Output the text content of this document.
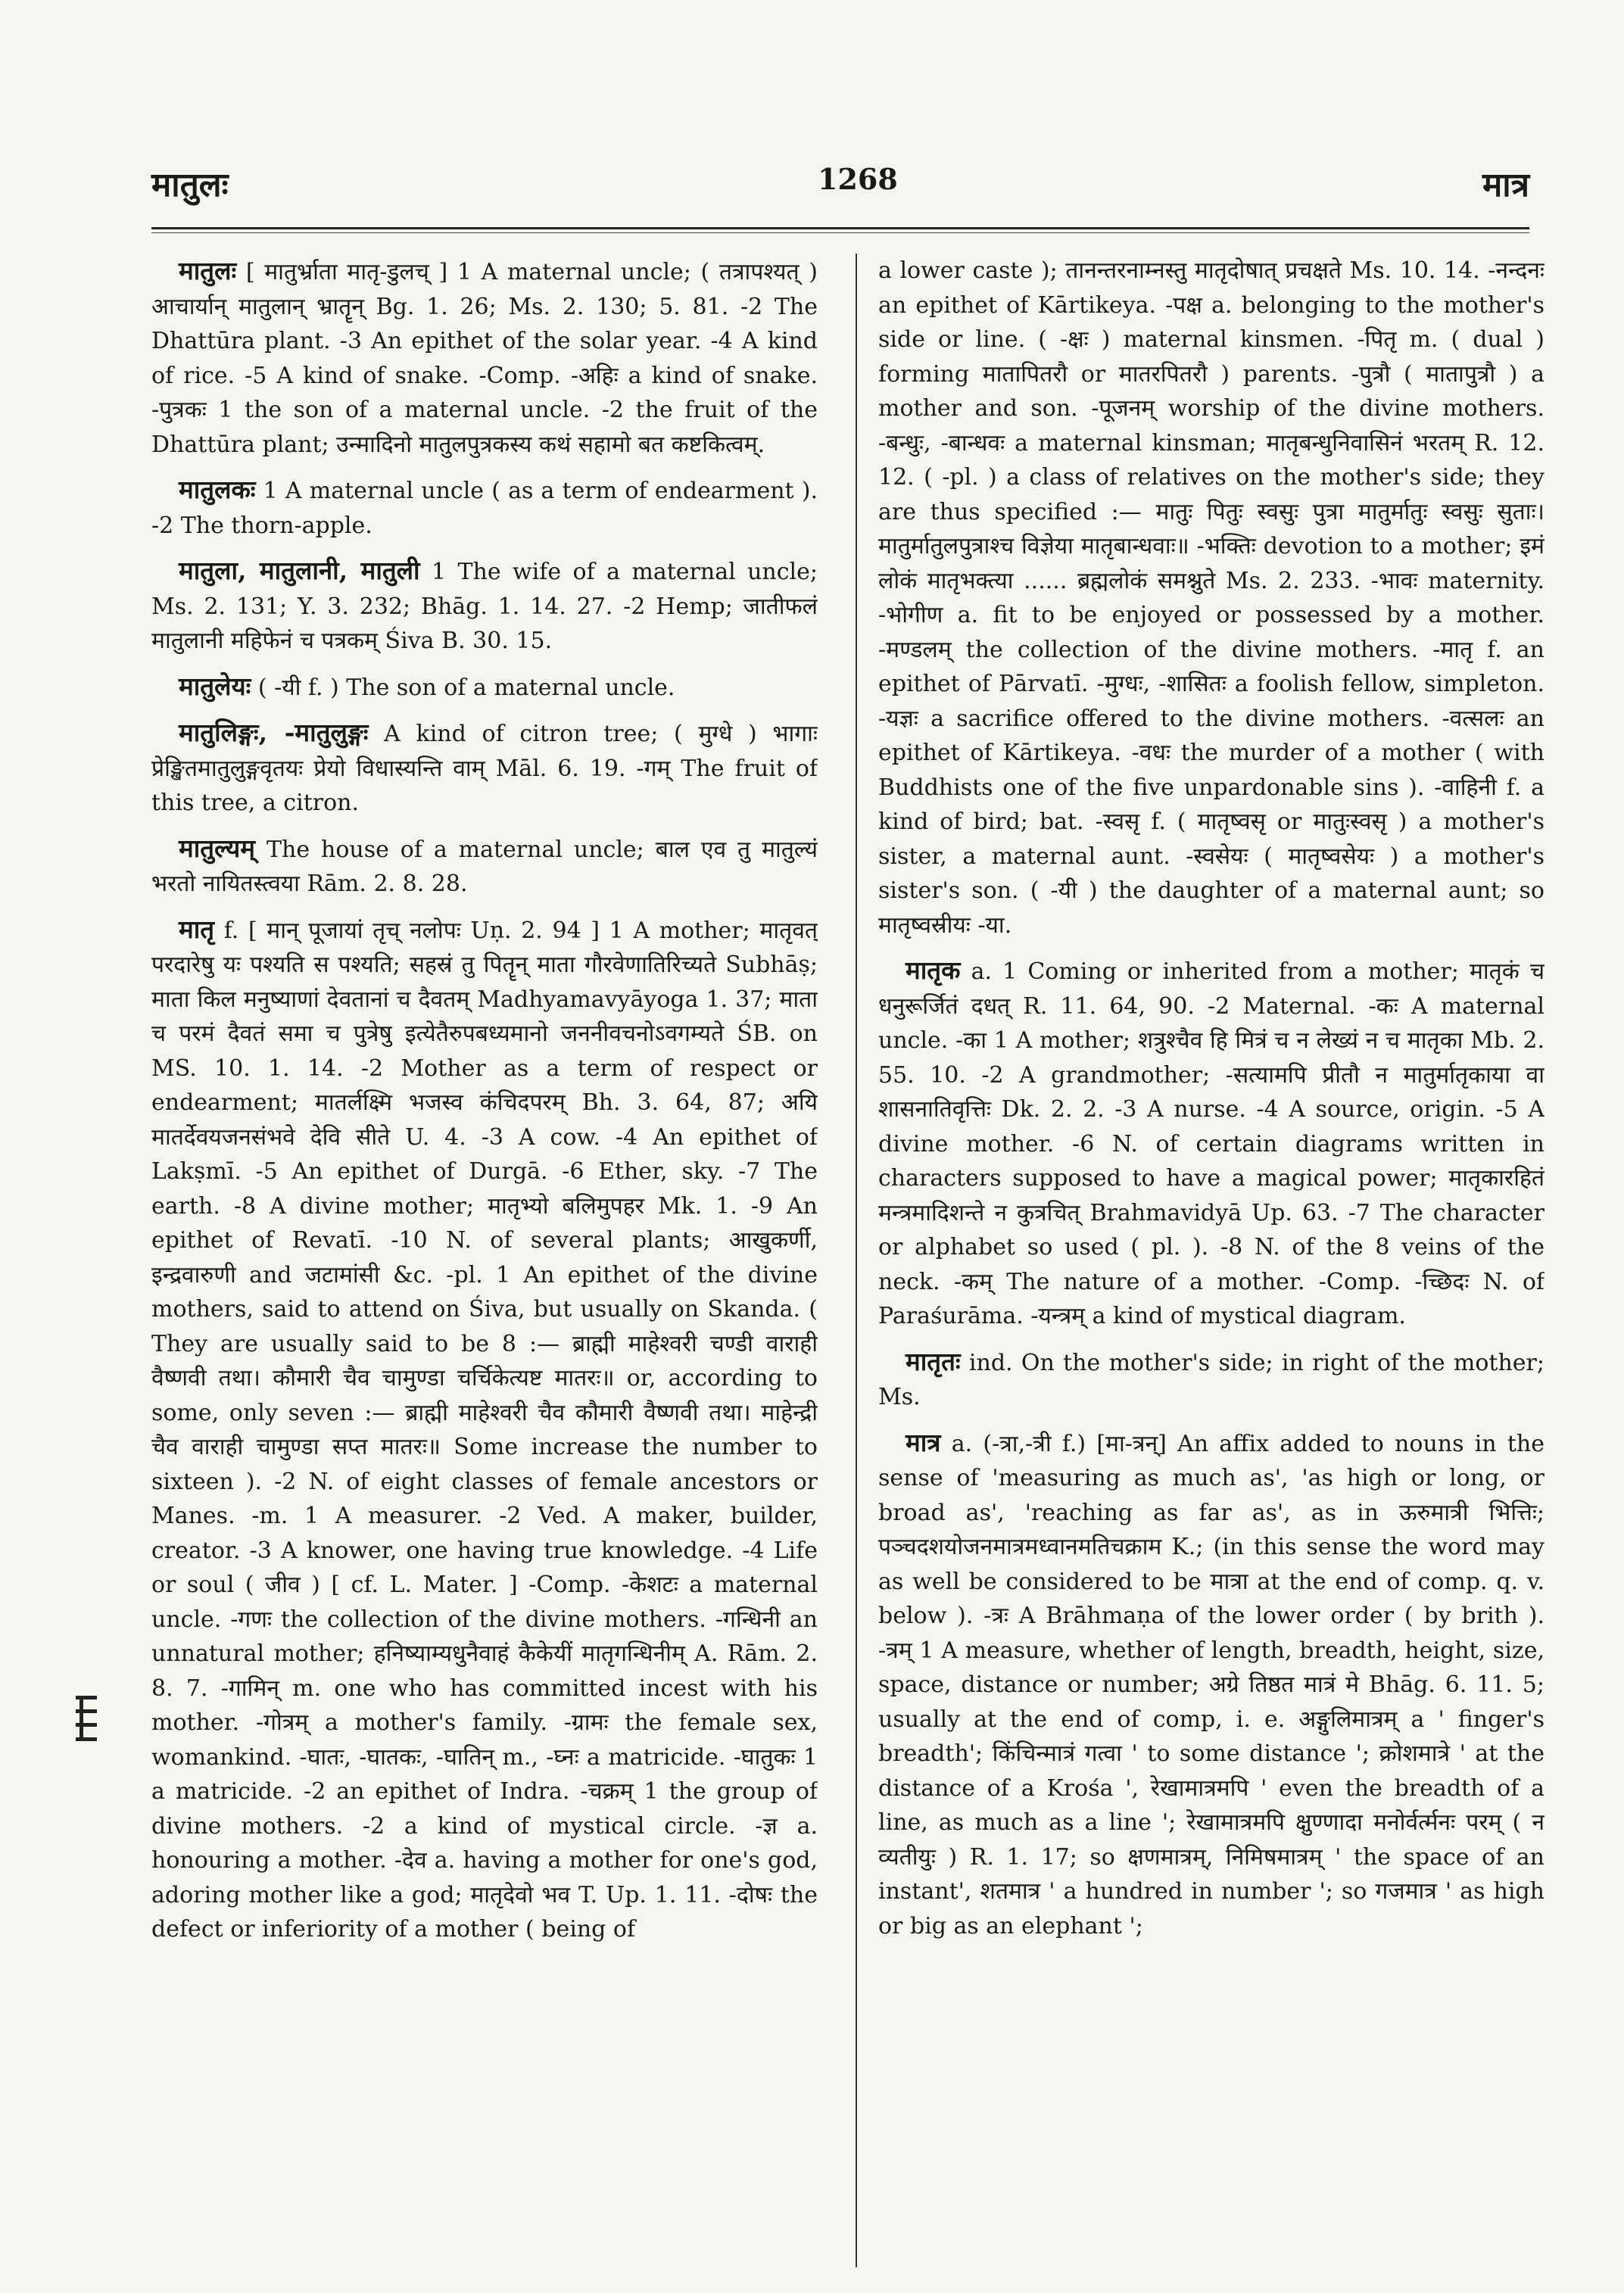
मातुलः	1268	मात्र

मातुलः [ मातुर्भ्राता मातृ-डुलच् ] 1 A maternal uncle; ( तत्रापश्यत् ) आचार्यान् मातुलान् भ्रातॄन् Bg. 1. 26; Ms. 2. 130; 5. 81. -2 The Dhattūra plant. -3 An epithet of the solar year. -4 A kind of rice. -5 A kind of snake. -Comp. -अहिः a kind of snake. -पुत्रकः 1 the son of a maternal uncle. -2 the fruit of the Dhattūra plant; उन्मादिनो मातुलपुत्रकस्य कथं सहामो बत कष्टकित्वम्.

मातुलकः 1 A maternal uncle ( as a term of endearment ). -2 The thorn-apple.

मातुला, मातुलानी, मातुली 1 The wife of a maternal uncle; Ms. 2. 131; Y. 3. 232; Bhāg. 1. 14. 27. -2 Hemp; जातीफलं मातुलानी महिफेनं च पत्रकम् Śiva B. 30. 15.

मातुलेयः ( -यी f. ) The son of a maternal uncle.

मातुलिङ्गः, -मातुलुङ्गः A kind of citron tree; ( मुग्धे ) भागाः प्रेङ्खितमातुलुङ्गवृतयः प्रेयो विधास्यन्ति वाम् Māl. 6. 19. -गम् The fruit of this tree, a citron.

मातुल्यम् The house of a maternal uncle; बाल एव तु मातुल्यं भरतो नायितस्त्वया Rām. 2. 8. 28.

मातृ f. [ मान् पूजायां तृच् नलोपः Uṇ. 2. 94 ] 1 A mother; मातृवत् परदारेषु यः पश्यति स पश्यति; सहस्रं तु पितॄन् माता गौरवेणातिरिच्यते Subhāṣ; माता किल मनुष्याणां देवतानां च दैवतम् Madhyamavyāyoga 1. 37; माता च परमं दैवतं समा च पुत्रेषु इत्येतैरुपबध्यमानो जननीवचनोऽवगम्यते ŚB. on MS. 10. 1. 14. -2 Mother as a term of respect or endearment; मातर्लक्ष्मि भजस्व कंचिदपरम् Bh. 3. 64, 87; अयि मातर्देवयजनसंभवे देवि सीते U. 4. -3 A cow. -4 An epithet of Lakṣmī. -5 An epithet of Durgā. -6 Ether, sky. -7 The earth. -8 A divine mother; मातृभ्यो बलिमुपहर Mk. 1. -9 An epithet of Revatī. -10 N. of several plants; आखुकर्णी, इन्द्रवारुणी and जटामांसी &c. -pl. 1 An epithet of the divine mothers, said to attend on Śiva, but usually on Skanda. ( They are usually said to be 8 :— ब्राह्मी माहेश्वरी चण्डी वाराही वैष्णवी तथा। कौमारी चैव चामुण्डा चर्चिकेत्यष्ट मातरः॥ or, according to some, only seven :— ब्राह्मी माहेश्वरी चैव कौमारी वैष्णवी तथा। माहेन्द्री चैव वाराही चामुण्डा सप्त मातरः॥ Some increase the number to sixteen ). -2 N. of eight classes of female ancestors or Manes. -m. 1 A measurer. -2 Ved. A maker, builder, creator. -3 A knower, one having true knowledge. -4 Life or soul ( जीव ) [ cf. L. Mater. ] -Comp. -केशटः a maternal uncle. -गणः the collection of the divine mothers. -गन्धिनी an unnatural mother; हनिष्याम्यधुनैवाहं कैकेयीं मातृगन्धिनीम् A. Rām. 2. 8. 7. -गामिन् m. one who has committed incest with his mother. -गोत्रम् a mother's family. -ग्रामः the female sex, womankind. -घातः, -घातकः, -घातिन् m., -घ्नः a matricide. -घातुकः 1 a matricide. -2 an epithet of Indra. -चक्रम् 1 the group of divine mothers. -2 a kind of mystical circle. -ज्ञ a. honouring a mother. -देव a. having a mother for one's god, adoring mother like a god; मातृदेवो भव T. Up. 1. 11. -दोषः the defect or inferiority of a mother ( being of

a lower caste ); तानन्तरनाम्नस्तु मातृदोषात् प्रचक्षते Ms. 10. 14. -नन्दनः an epithet of Kārtikeya. -पक्ष a. belonging to the mother's side or line. ( -क्षः ) maternal kinsmen. -पितृ m. ( dual ) forming मातापितरौ or मातरपितरौ ) parents. -पुत्रौ ( मातापुत्रौ ) a mother and son. -पूजनम् worship of the divine mothers. -बन्धुः, -बान्धवः a maternal kinsman; मातृबन्धुनिवासिनं भरतम् R. 12. 12. ( -pl. ) a class of relatives on the mother's side; they are thus specified :— मातुः पितुः स्वसुः पुत्रा मातुर्मातुः स्वसुः सुताः। मातुर्मातुलपुत्राश्च विज्ञेया मातृबान्धवाः॥ -भक्तिः devotion to a mother; इमं लोकं मातृभक्त्या ...... ब्रह्मलोकं समश्नुते Ms. 2. 233. -भावः maternity. -भोगीण a. fit to be enjoyed or possessed by a mother. -मण्डलम् the collection of the divine mothers. -मातृ f. an epithet of Pārvatī. -मुग्धः, -शासितः a foolish fellow, simpleton. -यज्ञः a sacrifice offered to the divine mothers. -वत्सलः an epithet of Kārtikeya. -वधः the murder of a mother ( with Buddhists one of the five unpardonable sins ). -वाहिनी f. a kind of bird; bat. -स्वसृ f. ( मातृष्वसृ or मातुःस्वसृ ) a mother's sister, a maternal aunt. -स्वसेयः ( मातृष्वसेयः ) a mother's sister's son. ( -यी ) the daughter of a maternal aunt; so मातृष्वस्रीयः -या.

मातृक a. 1 Coming or inherited from a mother; मातृकं च धनुरूर्जितं दधत् R. 11. 64, 90. -2 Maternal. -कः A maternal uncle. -का 1 A mother; शत्रुश्चैव हि मित्रं च न लेख्यं न च मातृका Mb. 2. 55. 10. -2 A grandmother; -सत्यामपि प्रीतौ न मातुर्मातृकाया वा शासनातिवृत्तिः Dk. 2. 2. -3 A nurse. -4 A source, origin. -5 A divine mother. -6 N. of certain diagrams written in characters supposed to have a magical power; मातृकारहितं मन्त्रमादिशन्ते न कुत्रचित् Brahmavidyā Up. 63. -7 The character or alphabet so used ( pl. ). -8 N. of the 8 veins of the neck. -कम् The nature of a mother. -Comp. -च्छिदः N. of Paraśurāma. -यन्त्रम् a kind of mystical diagram.

मातृतः ind. On the mother's side; in right of the mother; Ms.

मात्र a. (-त्रा,-त्री f.) [मा-त्रन्] An affix added to nouns in the sense of 'measuring as much as', 'as high or long, or broad as', 'reaching as far as', as in ऊरुमात्री भित्तिः; पञ्चदशयोजनमात्रमध्वानमतिचक्राम K.; (in this sense the word may as well be considered to be मात्रा at the end of comp. q. v. below ). -त्रः A Brāhmaṇa of the lower order ( by brith ). -त्रम् 1 A measure, whether of length, breadth, height, size, space, distance or number; अग्रे तिष्ठत मात्रं मे Bhāg. 6. 11. 5; usually at the end of comp, i. e. अङ्गुलिमात्रम् a ' finger's breadth'; किंचिन्मात्रं गत्वा ' to some distance '; क्रोशमात्रे ' at the distance of a Krośa ', रेखामात्रमपि ' even the breadth of a line, as much as a line '; रेखामात्रमपि क्षुण्णादा मनोर्वर्त्मनः परम् ( न व्यतीयुः ) R. 1. 17; so क्षणमात्रम्, निमिषमात्रम् ' the space of an instant', शतमात्र ' a hundred in number '; so गजमात्र ' as high or big as an elephant ';
